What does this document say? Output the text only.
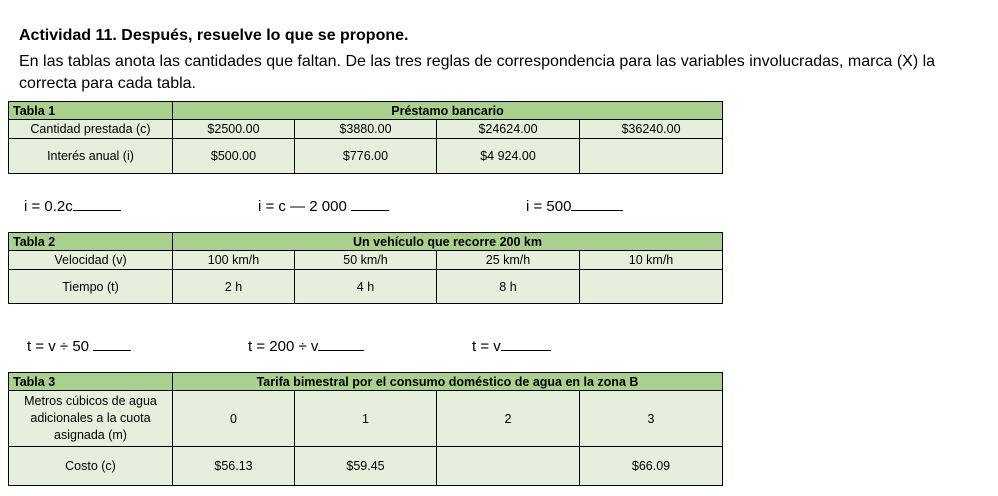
Actividad 11. Después, resuelve lo que se propone.
En las tablas anota las cantidades que faltan. De las tres reglas de correspondencia para las variables involucradas, marca (X) la correcta para cada tabla.
Tabla 1	Préstamo bancario			
Cantidad prestada (c)	$2500.00	$3880.00	$24624.00	$36240.00
Interés anual (i)	$500.00	$776.00	$4 924.00	
i = 0.2c	i = c — 2 000	i = 500
Tabla 2	Un vehículo que recorre 200 km			
Velocidad (v)	100 km/h	50 km/h	25 km/h	10 km/h
Tiempo (t)	2 h	4 h	8 h	
t = v ÷ 50	t = 200 ÷ v	t = v
Tabla 3	Tarifa bimestral por el consumo doméstico de agua en la zona B			
Metros cúbicos de agua adicionales a la cuota asignada (m)	0	1	2	3
Costo (c)	$56.13	$59.45		$66.09
